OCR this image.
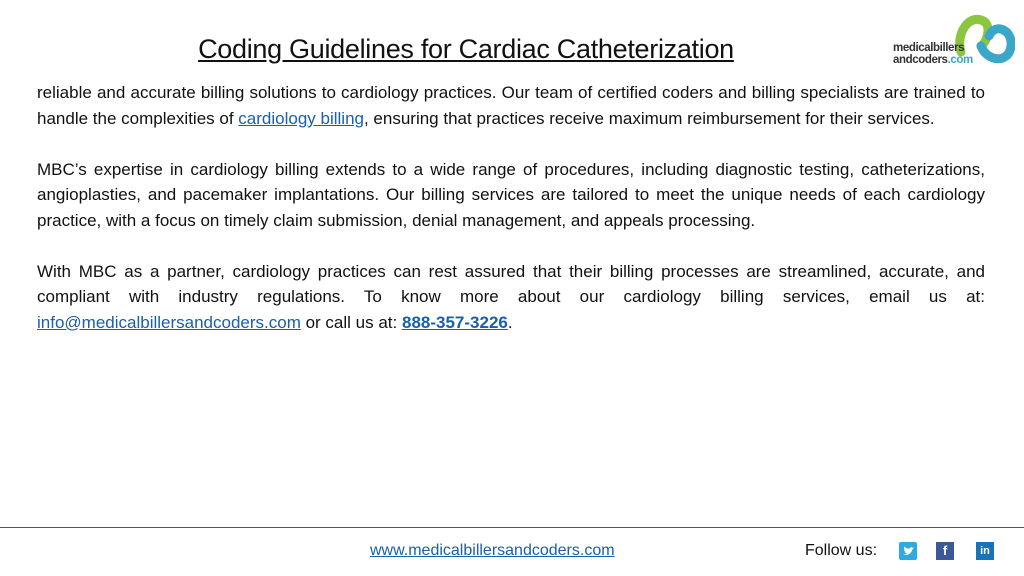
Coding Guidelines for Cardiac Catheterization	medicalbillers
andcoders.com

reliable and accurate billing solutions to cardiology practices. Our team of certified coders and billing specialists are trained to handle the complexities of cardiology billing, ensuring that practices receive maximum reimbursement for their services.

MBC’s expertise in cardiology billing extends to a wide range of procedures, including diagnostic testing, catheterizations, angioplasties, and pacemaker implantations. Our billing services are tailored to meet the unique needs of each cardiology practice, with a focus on timely claim submission, denial management, and appeals processing.

With MBC as a partner, cardiology practices can rest assured that their billing processes are streamlined, accurate, and compliant with industry regulations. To know more about our cardiology billing services, email us at: info@medicalbillersandcoders.com or call us at: 888-357-3226.

www.medicalbillersandcoders.com	Follow us:	f	in
